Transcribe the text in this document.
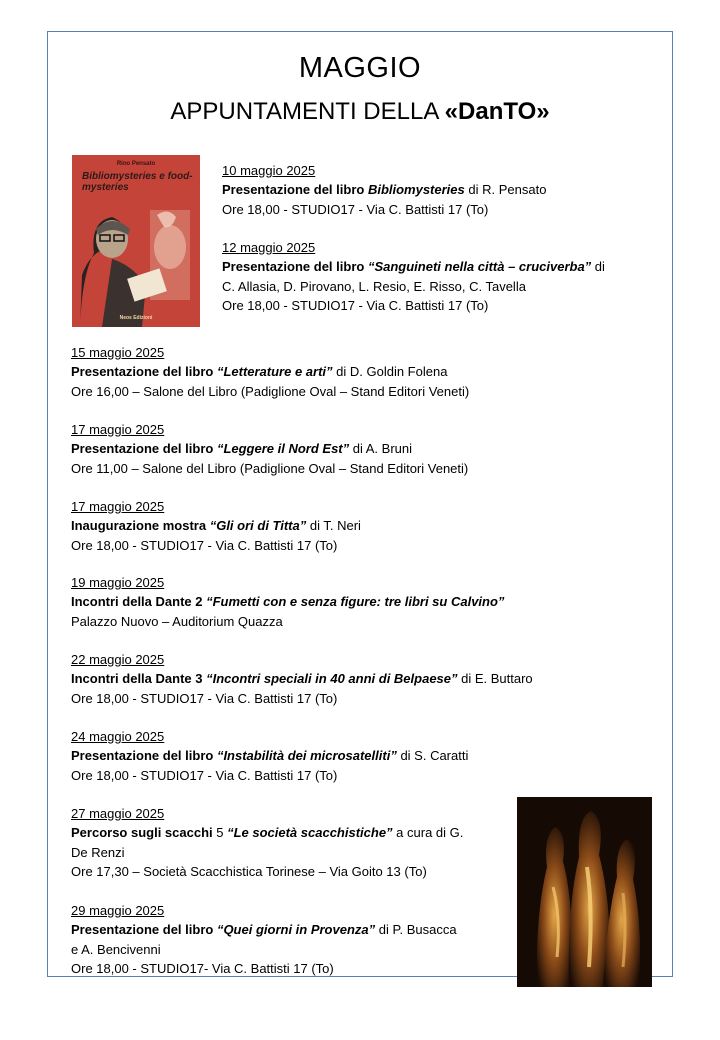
MAGGIO
APPUNTAMENTI DELLA «DanTO»
Rino Pensato
Bibliomysteries e food-mysteries
Neos Edizioni
10 maggio 2025
Presentazione del libro Bibliomysteries di R. Pensato
Ore 18,00 - STUDIO17 - Via C. Battisti 17 (To)
12 maggio 2025
Presentazione del libro “Sanguineti nella città – cruciverba” di
C. Allasia, D. Pirovano, L. Resio, E. Risso, C. Tavella
Ore 18,00 - STUDIO17 - Via C. Battisti 17 (To)
15 maggio 2025
Presentazione del libro “Letterature e arti” di D. Goldin Folena
Ore 16,00 – Salone del Libro (Padiglione Oval – Stand Editori Veneti)
17 maggio 2025
Presentazione del libro “Leggere il Nord Est” di A. Bruni
Ore 11,00 – Salone del Libro (Padiglione Oval – Stand Editori Veneti)
17 maggio 2025
Inaugurazione mostra “Gli ori di Titta” di T. Neri
Ore 18,00 - STUDIO17 - Via C. Battisti 17 (To)
19 maggio 2025
Incontri della Dante 2 “Fumetti con e senza figure: tre libri su Calvino”
Palazzo Nuovo – Auditorium Quazza
22 maggio 2025
Incontri della Dante 3 “Incontri speciali in 40 anni di Belpaese” di E. Buttaro
Ore 18,00 - STUDIO17 - Via C. Battisti 17 (To)
24 maggio 2025
Presentazione del libro “Instabilità dei microsatelliti” di S. Caratti
Ore 18,00 - STUDIO17 - Via C. Battisti 17 (To)
27 maggio 2025
Percorso sugli scacchi 5 “Le società scacchistiche” a cura di G.
De Renzi
Ore 17,30 – Società Scacchistica Torinese – Via Goito 13 (To)
29 maggio 2025
Presentazione del libro “Quei giorni in Provenza” di P. Busacca
e A. Bencivenni
Ore 18,00 - STUDIO17- Via C. Battisti 17 (To)
